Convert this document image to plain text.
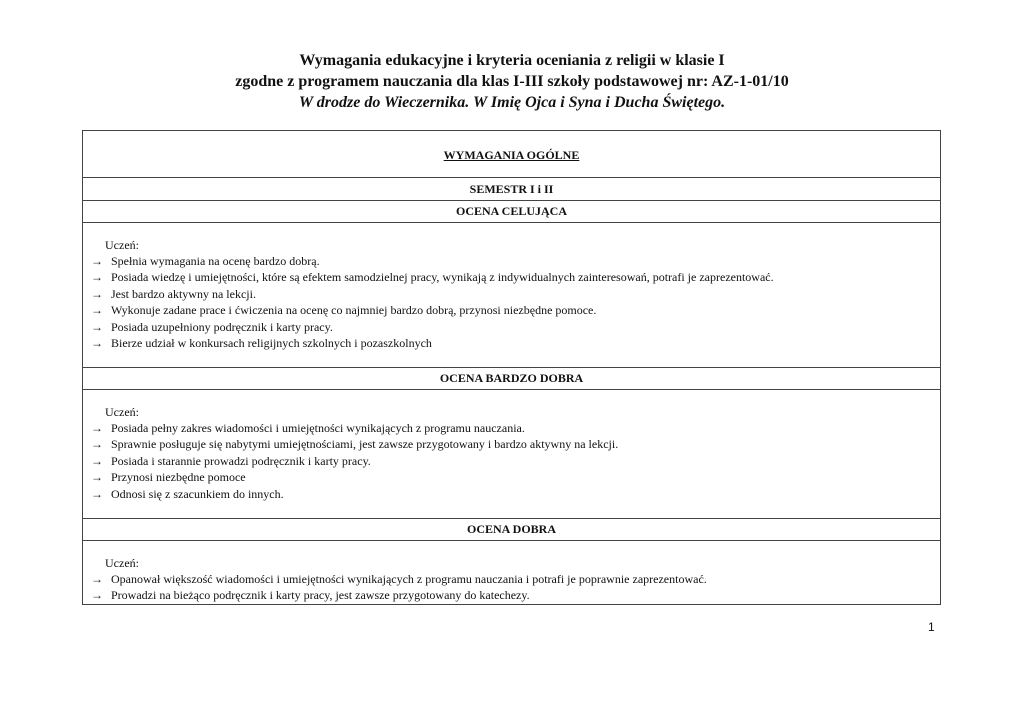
Wymagania edukacyjne i kryteria oceniania z religii w klasie I
zgodne z programem nauczania dla klas I-III szkoły podstawowej nr: AZ-1-01/10
W drodze do Wieczernika. W Imię Ojca i Syna i Ducha Świętego.
WYMAGANIA OGÓLNE
SEMESTR I i II
OCENA CELUJĄCA
Uczeń:
→ Spełnia wymagania na ocenę bardzo dobrą.
→ Posiada wiedzę i umiejętności, które są efektem samodzielnej pracy, wynikają z indywidualnych zainteresowań, potrafi je zaprezentować.
→ Jest bardzo aktywny na lekcji.
→ Wykonuje zadane prace i ćwiczenia na ocenę co najmniej bardzo dobrą, przynosi niezbędne pomoce.
→ Posiada uzupełniony podręcznik i karty pracy.
→ Bierze udział w konkursach religijnych szkolnych i pozaszkolnych
OCENA BARDZO DOBRA
Uczeń:
→ Posiada pełny zakres wiadomości i umiejętności wynikających z programu nauczania.
→ Sprawnie posługuje się nabytymi umiejętnościami, jest zawsze przygotowany i bardzo aktywny na lekcji.
→ Posiada i starannie prowadzi podręcznik i karty pracy.
→ Przynosi niezbędne pomoce
→ Odnosi się z szacunkiem do innych.
OCENA DOBRA
Uczeń:
→ Opanował większość wiadomości i umiejętności wynikających z programu nauczania i potrafi je poprawnie zaprezentować.
→ Prowadzi na bieżąco podręcznik i karty pracy, jest zawsze przygotowany do katechezy.
1
